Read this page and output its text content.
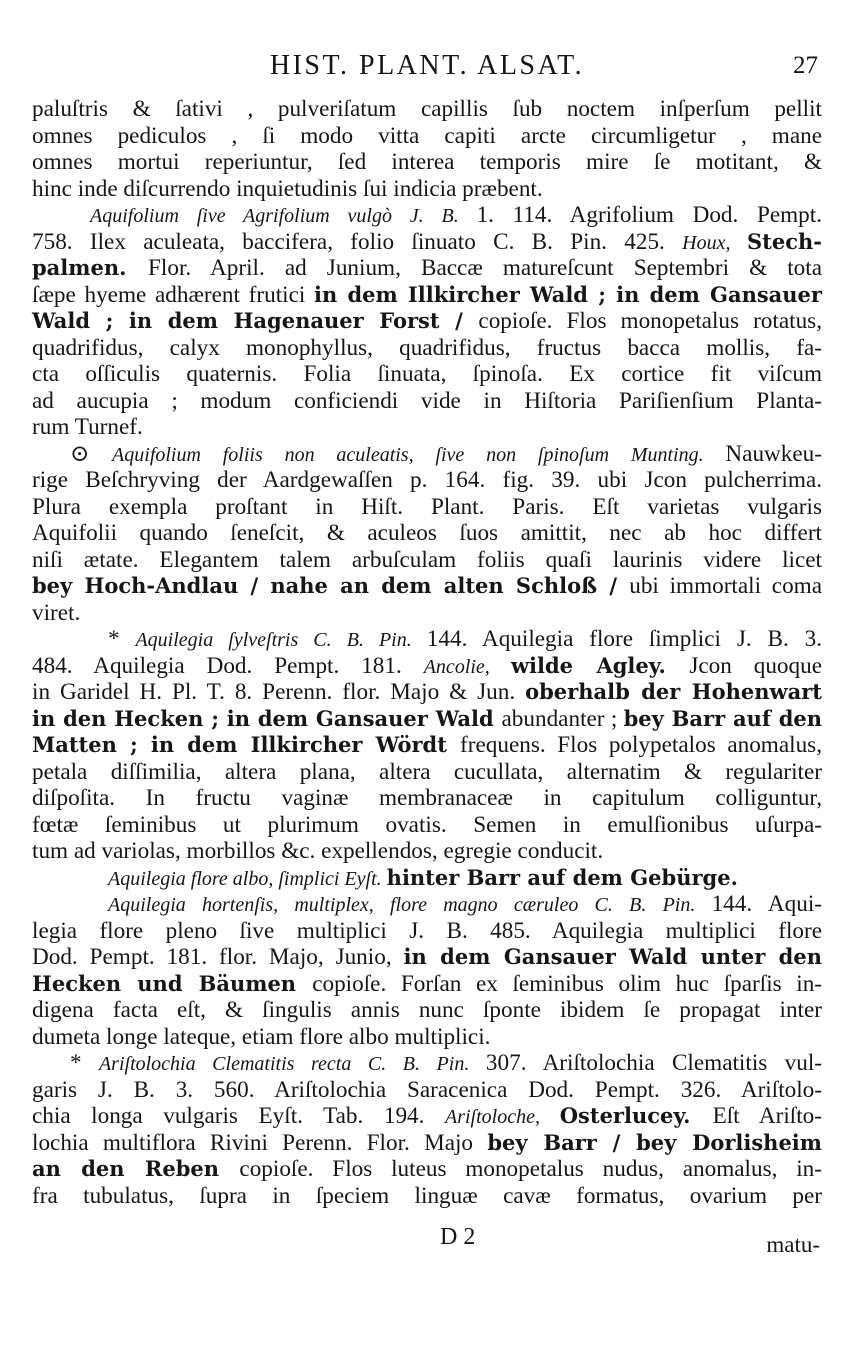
HIST. PLANT. ALSAT.	27
paluſtris & ſativi , pulveriſatum capillis ſub noctem inſperſum pellit
omnes pediculos , ſi modo vitta capiti arcte circumligetur , mane
omnes mortui reperiuntur, ſed interea temporis mire ſe motitant, &
hinc inde diſcurrendo inquietudinis ſui indicia præbent.
Aquifolium ſive Agrifolium vulgò J. B. 1. 114. Agrifolium Dod. Pempt.
758. Ilex aculeata, baccifera, folio ſinuato C. B. Pin. 425. Houx, Stech-
palmen. Flor. April. ad Junium, Baccæ matureſcunt Septembri & tota
ſæpe hyeme adhærent frutici in dem Illkircher Wald ; in dem Gansauer
Wald ; in dem Hagenauer Forst / copioſe. Flos monopetalus rotatus,
quadrifidus, calyx monophyllus, quadrifidus, fructus bacca mollis, fa-
cta oſſiculis quaternis. Folia ſinuata, ſpinoſa. Ex cortice fit viſcum
ad aucupia ; modum conficiendi vide in Hiſtoria Pariſienſium Planta-
rum Turnef.
⊙ Aquifolium foliis non aculeatis, ſive non ſpinoſum Munting. Nauwkeu-
rige Beſchryving der Aardgewaſſen p. 164. fig. 39. ubi Jcon pulcherrima.
Plura exempla proſtant in Hiſt. Plant. Paris. Eſt varietas vulgaris
Aquifolii quando ſeneſcit, & aculeos ſuos amittit, nec ab hoc differt
niſi ætate. Elegantem talem arbuſculam foliis quaſi laurinis videre licet
bey Hoch-Andlau / nahe an dem alten Schloß / ubi immortali coma
viret.
* Aquilegia ſylveſtris C. B. Pin. 144. Aquilegia flore ſimplici J. B. 3.
484. Aquilegia Dod. Pempt. 181. Ancolie, wilde Agley. Jcon quoque
in Garidel H. Pl. T. 8. Perenn. flor. Majo & Jun. oberhalb der Hohenwart
in den Hecken ; in dem Gansauer Wald abundanter ; bey Barr auf den
Matten ; in dem Illkircher Wördt frequens. Flos polypetalos anomalus,
petala diſſimilia, altera plana, altera cucullata, alternatim & regulariter
diſpoſita. In fructu vaginæ membranaceæ in capitulum colliguntur,
fœtæ ſeminibus ut plurimum ovatis. Semen in emulſionibus uſurpa-
tum ad variolas, morbillos &c. expellendos, egregie conducit.
Aquilegia flore albo, ſimplici Eyſt. hinter Barr auf dem Gebürge.
Aquilegia hortenſis, multiplex, flore magno cæruleo C. B. Pin. 144. Aqui-
legia flore pleno ſive multiplici J. B. 485. Aquilegia multiplici flore
Dod. Pempt. 181. flor. Majo, Junio, in dem Gansauer Wald unter den
Hecken und Bäumen copioſe. Forſan ex ſeminibus olim huc ſparſis in-
digena facta eſt, & ſingulis annis nunc ſponte ibidem ſe propagat inter
dumeta longe lateque, etiam flore albo multiplici.
* Ariſtolochia Clematitis recta C. B. Pin. 307. Ariſtolochia Clematitis vul-
garis J. B. 3. 560. Ariſtolochia Saracenica Dod. Pempt. 326. Ariſtolo-
chia longa vulgaris Eyſt. Tab. 194. Ariſtoloche, Osterlucey. Eſt Ariſto-
lochia multiflora Rivini Perenn. Flor. Majo bey Barr / bey Dorlisheim
an den Reben copioſe. Flos luteus monopetalus nudus, anomalus, in-
fra tubulatus, ſupra in ſpeciem linguæ cavæ formatus, ovarium per
D 2	matu-
